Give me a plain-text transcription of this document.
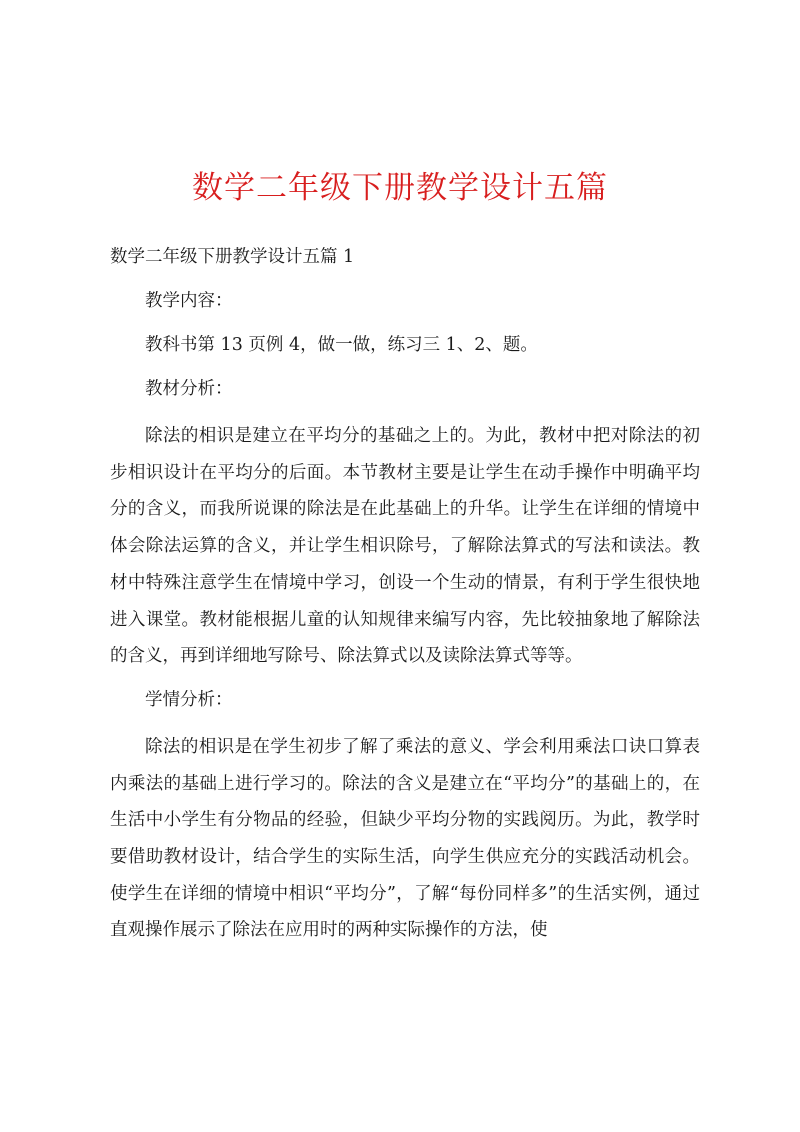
数学二年级下册教学设计五篇
数学二年级下册教学设计五篇 1
教学内容：
教科书第 13 页例 4，做一做，练习三 1、2、题。
教材分析：
除法的相识是建立在平均分的基础之上的。为此，教材中把对除法的初步相识设计在平均分的后面。本节教材主要是让学生在动手操作中明确平均分的含义，而我所说课的除法是在此基础上的升华。让学生在详细的情境中体会除法运算的含义，并让学生相识除号，了解除法算式的写法和读法。教材中特殊注意学生在情境中学习，创设一个生动的情景，有利于学生很快地进入课堂。教材能根据儿童的认知规律来编写内容，先比较抽象地了解除法的含义，再到详细地写除号、除法算式以及读除法算式等等。
学情分析：
除法的相识是在学生初步了解了乘法的意义、学会利用乘法口诀口算表内乘法的基础上进行学习的。除法的含义是建立在“平均分”的基础上的，在生活中小学生有分物品的经验，但缺少平均分物的实践阅历。为此，教学时要借助教材设计，结合学生的实际生活，向学生供应充分的实践活动机会。使学生在详细的情境中相识“平均分”，了解“每份同样多”的生活实例，通过直观操作展示了除法在应用时的两种实际操作的方法，使
